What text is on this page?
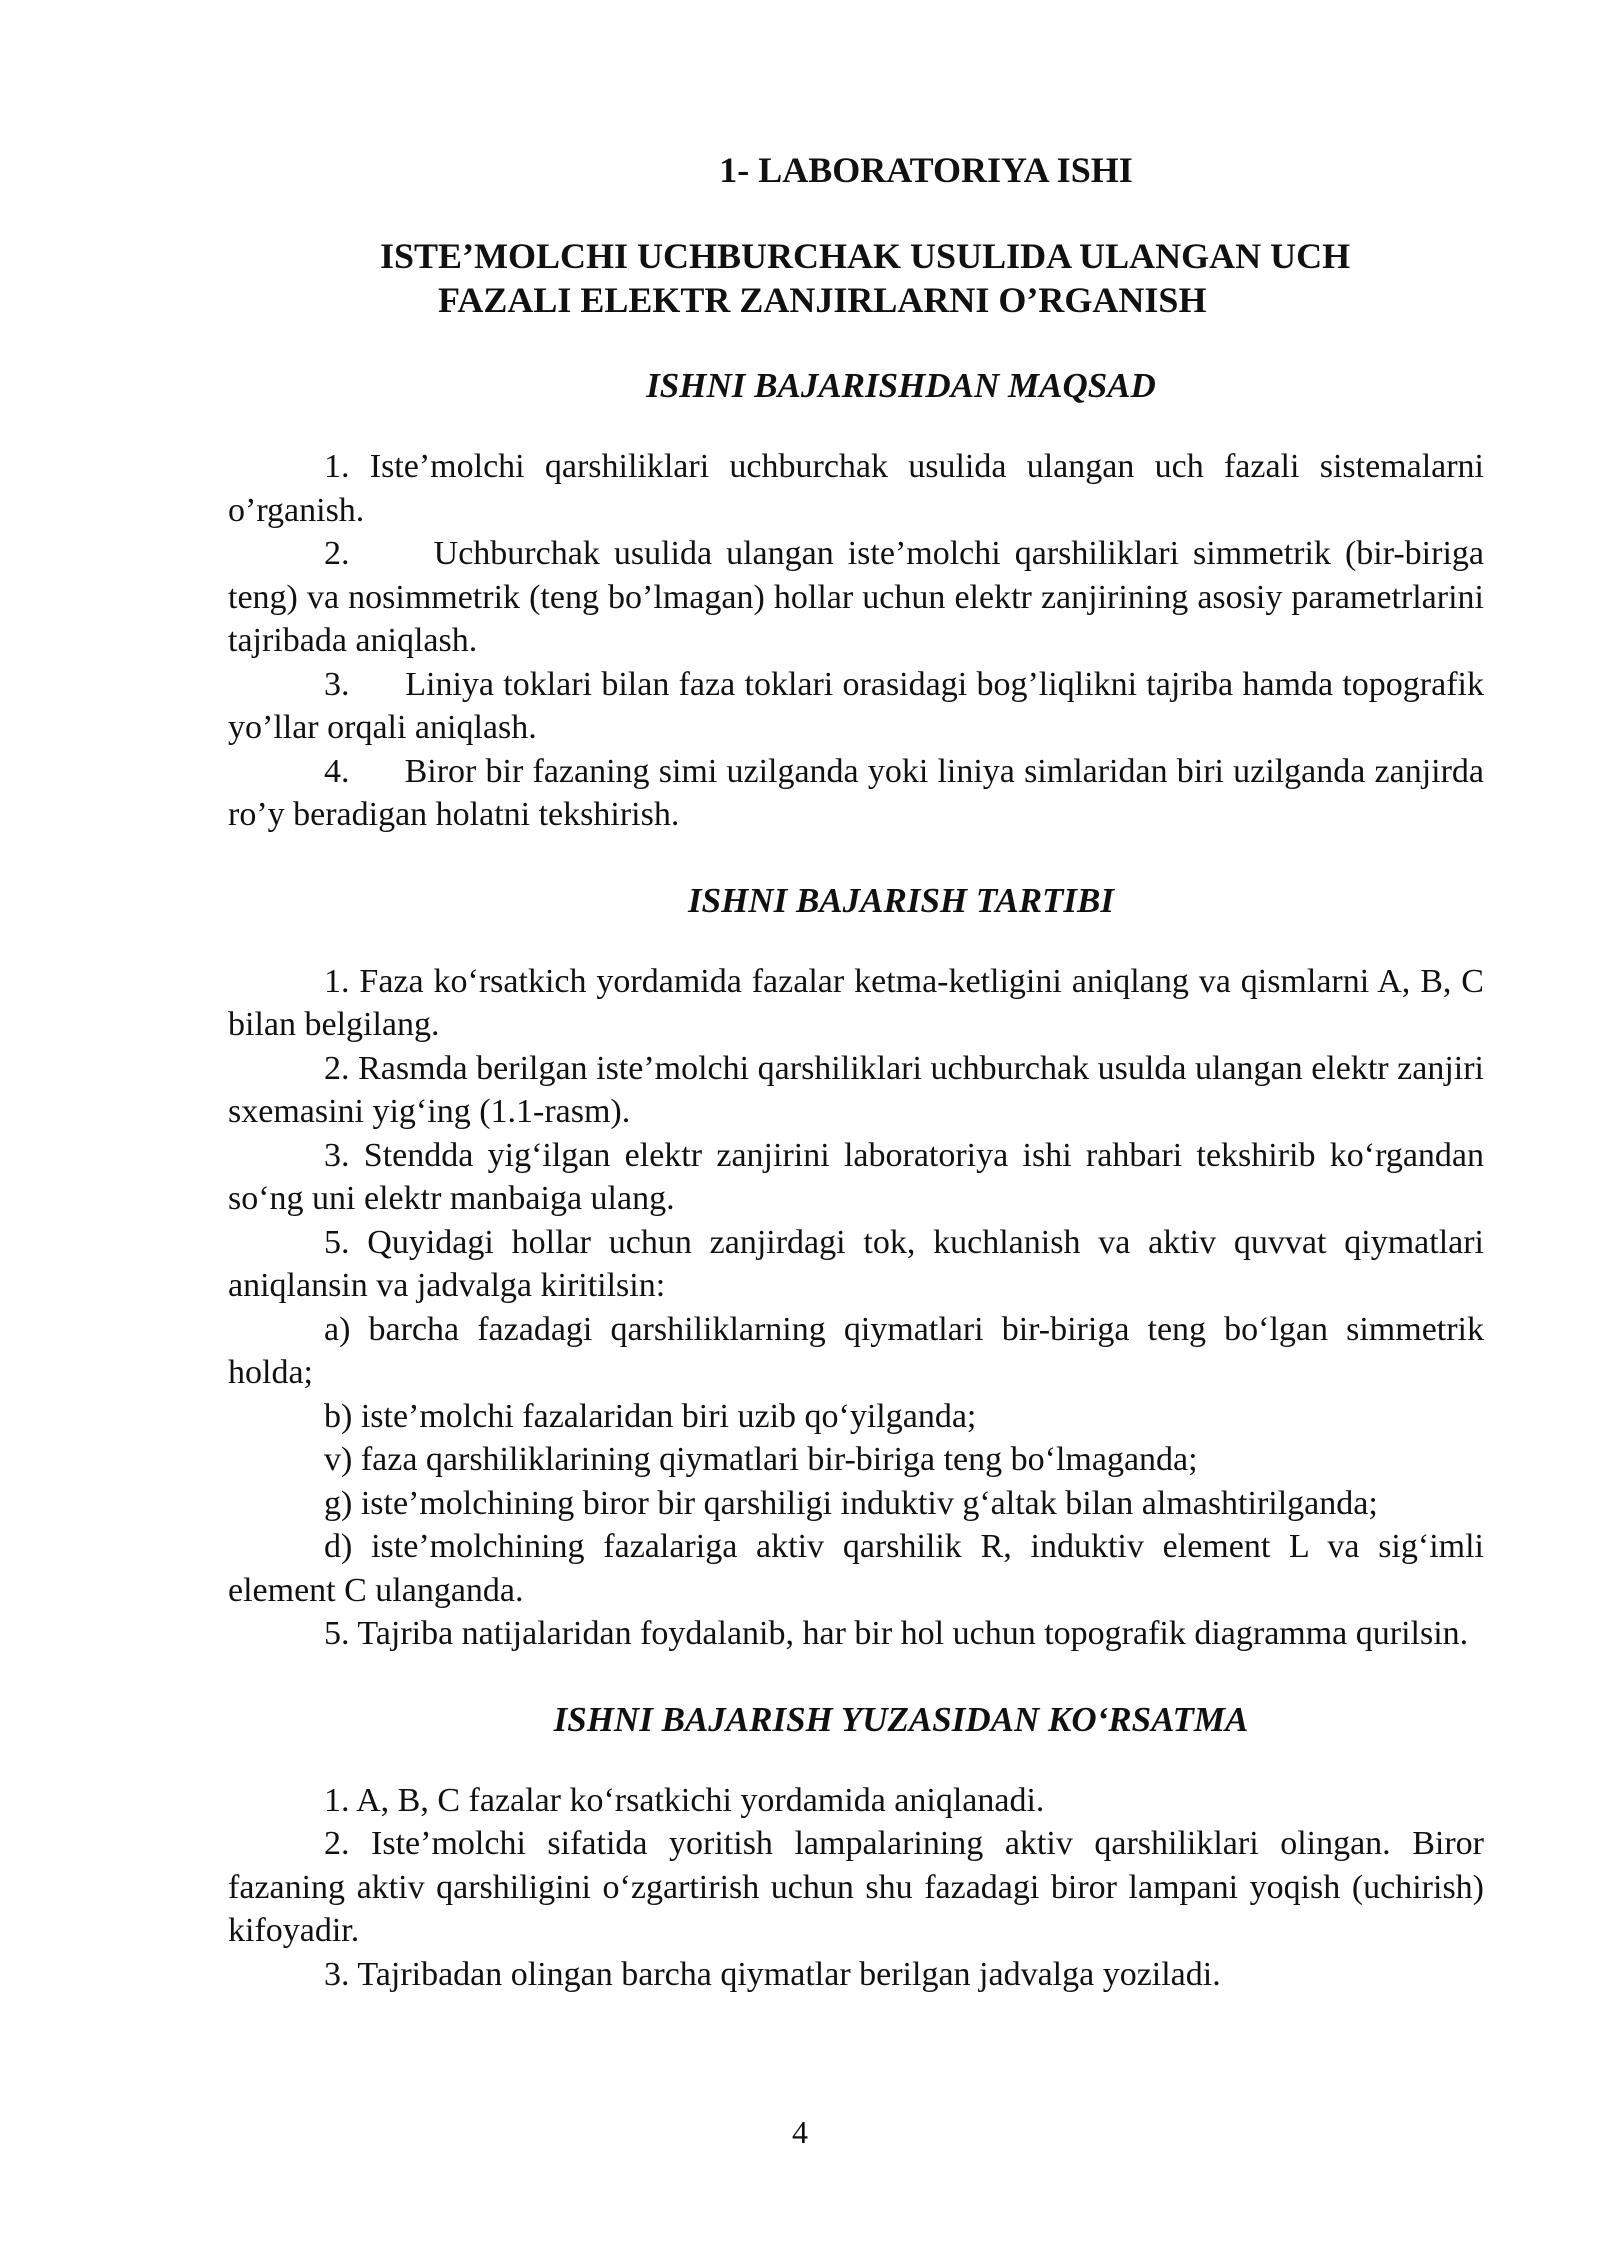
1- LABORATORIYA ISHI
ISTE’MOLCHI UCHBURCHAK USULIDA ULANGAN UCH
FAZALI ELEKTR ZANJIRLARNI O’RGANISH
ISHNI BAJARISHDAN MAQSAD

1. Iste’molchi qarshiliklari uchburchak usulida ulangan uch fazali sistemalarni o’rganish.

2.      Uchburchak usulida ulangan iste’molchi qarshiliklari simmetrik (bir-biriga teng) va nosimmetrik (teng bo’lmagan) hollar uchun elektr zanjirining asosiy parametrlarini tajribada aniqlash.

3.      Liniya toklari bilan faza toklari orasidagi bog’liqlikni tajriba hamda topografik yo’llar orqali aniqlash.

4.      Biror bir fazaning simi uzilganda yoki liniya simlaridan biri uzilganda zanjirda ro’y beradigan holatni tekshirish.

ISHNI BAJARISH TARTIBI

1. Faza ko‘rsatkich yordamida fazalar ketma-ketligini aniqlang va qismlarni A, B, C bilan belgilang.

2. Rasmda berilgan iste’molchi qarshiliklari uchburchak usulda ulangan elektr zanjiri sxemasini yig‘ing (1.1-rasm).

3. Stendda yig‘ilgan elektr zanjirini laboratoriya ishi rahbari tekshirib ko‘rgandan so‘ng uni elektr manbaiga ulang.

5. Quyidagi hollar uchun zanjirdagi tok, kuchlanish va aktiv quvvat qiymatlari aniqlansin va jadvalga kiritilsin:

a) barcha fazadagi qarshiliklarning qiymatlari bir-biriga teng bo‘lgan simmetrik holda;

b) iste’molchi fazalaridan biri uzib qo‘yilganda;

v) faza qarshiliklarining qiymatlari bir-biriga teng bo‘lmaganda;

g) iste’molchining biror bir qarshiligi induktiv g‘altak bilan almashtirilganda;

d) iste’molchining fazalariga aktiv qarshilik R, induktiv element L va sig‘imli element C ulanganda.

5. Tajriba natijalaridan foydalanib, har bir hol uchun topografik diagramma qurilsin.

ISHNI BAJARISH YUZASIDAN KO‘RSATMA

1. A, B, C fazalar ko‘rsatkichi yordamida aniqlanadi.

2. Iste’molchi sifatida yoritish lampalarining aktiv qarshiliklari olingan. Biror fazaning aktiv qarshiligini o‘zgartirish uchun shu fazadagi biror lampani yoqish (uchirish) kifoyadir.

3. Tajribadan olingan barcha qiymatlar berilgan jadvalga yoziladi.

4
